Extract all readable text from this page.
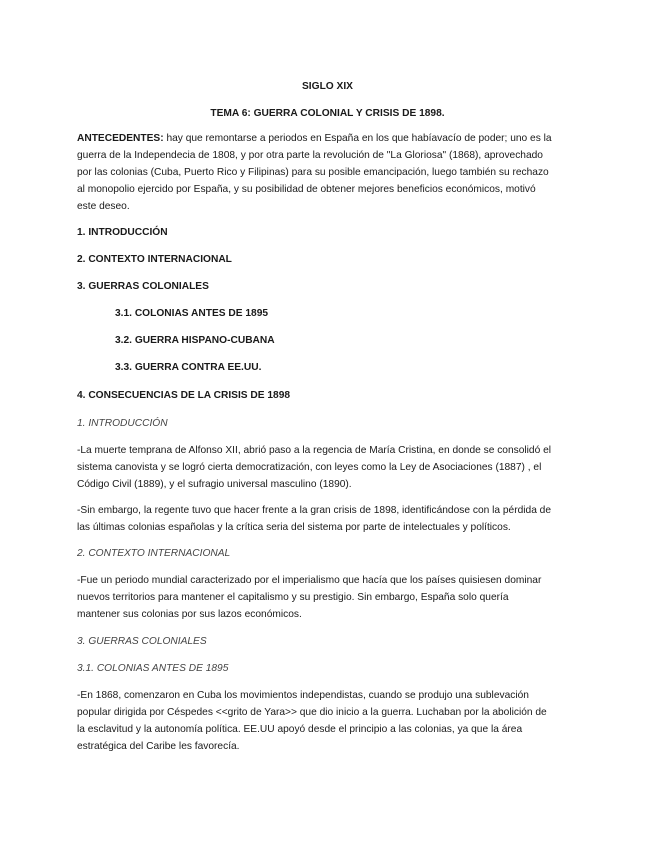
SIGLO XIX
TEMA 6: GUERRA COLONIAL Y CRISIS DE 1898.
ANTECEDENTES: hay que remontarse a periodos en España en los que habíavacío de poder; uno es la
guerra de la Independecia de 1808, y por otra parte la revolución de "La Gloriosa" (1868), aprovechado
por las colonias (Cuba, Puerto Rico y Filipinas) para su posible emancipación, luego también su rechazo
al monopolio ejercido por España, y su posibilidad de obtener mejores beneficios económicos, motivó
este deseo.
1. INTRODUCCIÓN
2. CONTEXTO INTERNACIONAL
3. GUERRAS COLONIALES
3.1. COLONIAS ANTES DE 1895
3.2. GUERRA HISPANO-CUBANA
3.3. GUERRA CONTRA EE.UU.
4. CONSECUENCIAS DE LA CRISIS DE 1898
1. INTRODUCCIÓN
-La muerte temprana de Alfonso XII, abrió paso a la regencia de María Cristina, en donde se consolidó el
sistema canovista y se logró cierta democratización, con leyes como la Ley de Asociaciones (1887) , el
Código Civil (1889), y el sufragio universal masculino (1890).
-Sin embargo, la regente tuvo que hacer frente a la gran crisis de 1898, identificándose con la pérdida de
las últimas colonias españolas y la crítica seria del sistema por parte de intelectuales y políticos.
2. CONTEXTO INTERNACIONAL
-Fue un periodo mundial caracterizado por el imperialismo que hacía que los países quisiesen dominar
nuevos territorios para mantener el capitalismo y su prestigio. Sin embargo, España solo quería
mantener sus colonias por sus lazos económicos.
3. GUERRAS COLONIALES
3.1. COLONIAS ANTES DE 1895
-En 1868, comenzaron en Cuba los movimientos independistas, cuando se produjo una sublevación
popular dirigida por Céspedes <<grito de Yara>> que dio inicio a la guerra. Luchaban por la abolición de
la esclavitud y la autonomía política. EE.UU apoyó desde el principio a las colonias, ya que la área
estratégica del Caribe les favorecía.
